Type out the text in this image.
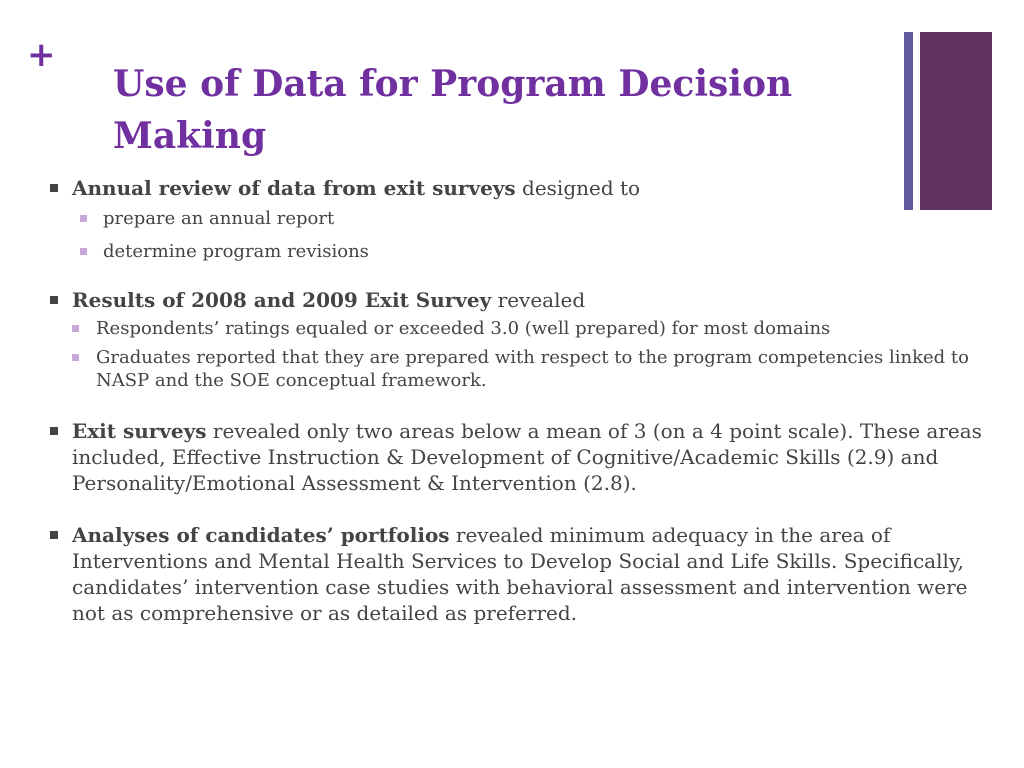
+
Use of Data for Program Decision Making
Annual review of data from exit surveys designed to
prepare an annual report
determine program revisions
Results of 2008 and 2009 Exit Survey revealed
Respondents’ ratings equaled or exceeded 3.0 (well prepared) for most domains
Graduates reported that they are prepared with respect to the program competencies linked to NASP and the SOE conceptual framework.
Exit surveys revealed only two areas below a mean of 3 (on a 4 point scale). These areas included, Effective Instruction & Development of Cognitive/Academic Skills (2.9) and Personality/Emotional Assessment & Intervention (2.8).
Analyses of candidates’ portfolios revealed minimum adequacy in the area of Interventions and Mental Health Services to Develop Social and Life Skills. Specifically, candidates’ intervention case studies with behavioral assessment and intervention were not as comprehensive or as detailed as preferred.
